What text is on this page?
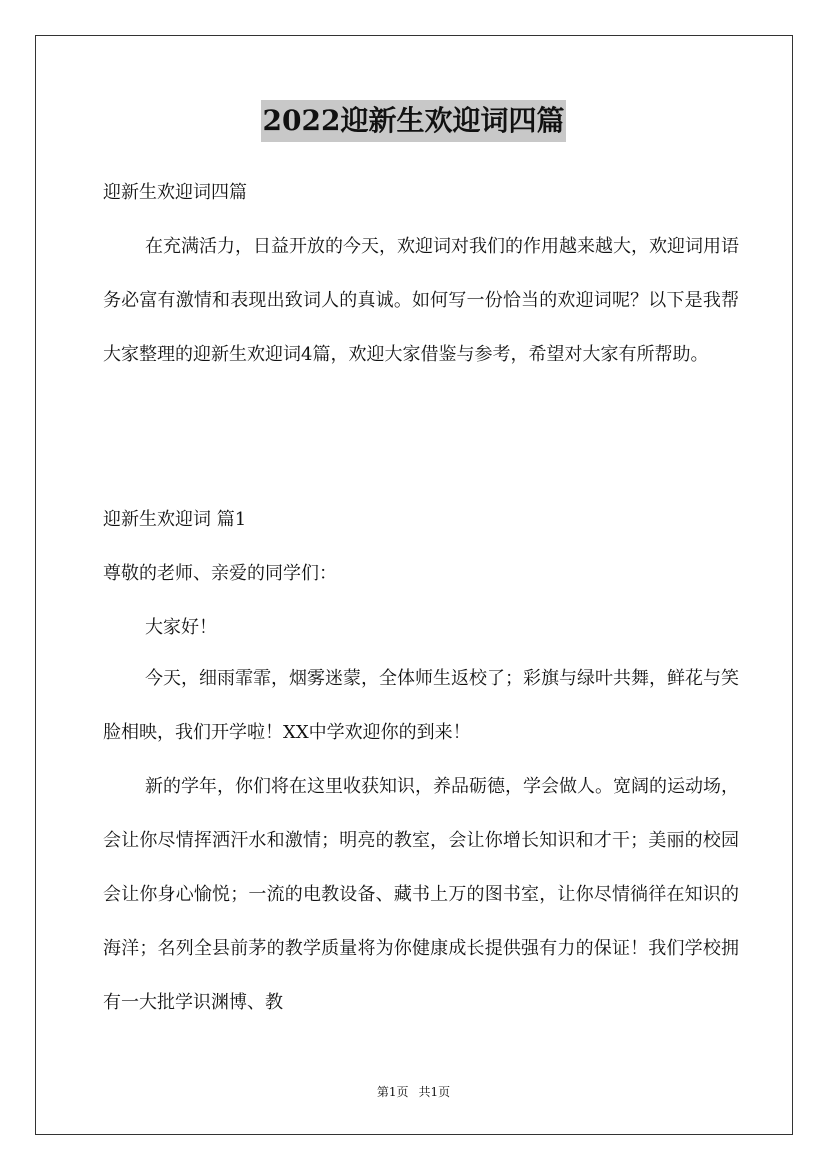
2022迎新生欢迎词四篇
迎新生欢迎词四篇

在充满活力，日益开放的今天，欢迎词对我们的作用越来越大，欢迎词用语务必富有激情和表现出致词人的真诚。如何写一份恰当的欢迎词呢？以下是我帮大家整理的迎新生欢迎词4篇，欢迎大家借鉴与参考，希望对大家有所帮助。

迎新生欢迎词 篇1
尊敬的老师、亲爱的同学们：
大家好！

今天，细雨霏霏，烟雾迷蒙，全体师生返校了；彩旗与绿叶共舞，鲜花与笑脸相映，我们开学啦！XX中学欢迎你的到来！

新的学年，你们将在这里收获知识，养品砺德，学会做人。宽阔的运动场，会让你尽情挥洒汗水和激情；明亮的教室，会让你增长知识和才干；美丽的校园会让你身心愉悦；一流的电教设备、藏书上万的图书室，让你尽情徜徉在知识的海洋；名列全县前茅的教学质量将为你健康成长提供强有力的保证！我们学校拥有一大批学识渊博、教

第1页 共1页
